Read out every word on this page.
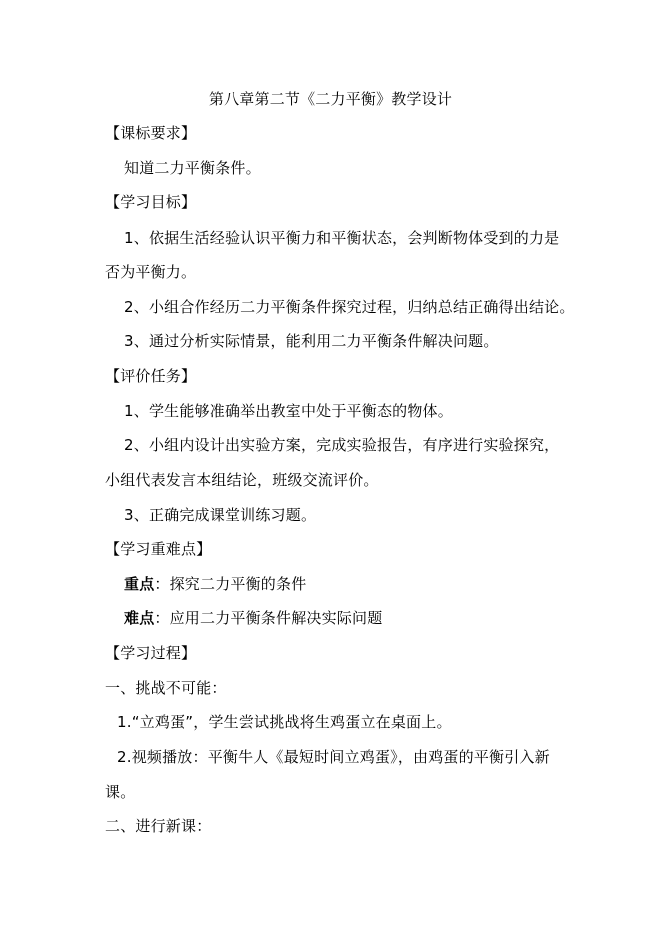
第八章第二节《二力平衡》教学设计
【课标要求】
知道二力平衡条件。
【学习目标】
1、依据生活经验认识平衡力和平衡状态，会判断物体受到的力是
否为平衡力。
2、小组合作经历二力平衡条件探究过程，归纳总结正确得出结论。
3、通过分析实际情景，能利用二力平衡条件解决问题。
【评价任务】
1、学生能够准确举出教室中处于平衡态的物体。
2、小组内设计出实验方案，完成实验报告，有序进行实验探究，
小组代表发言本组结论，班级交流评价。
3、正确完成课堂训练习题。
【学习重难点】
重点：探究二力平衡的条件
难点：应用二力平衡条件解决实际问题
【学习过程】
一、挑战不可能：
1.“立鸡蛋”，学生尝试挑战将生鸡蛋立在桌面上。
2.视频播放：平衡牛人《最短时间立鸡蛋》，由鸡蛋的平衡引入新
课。
二、进行新课：
